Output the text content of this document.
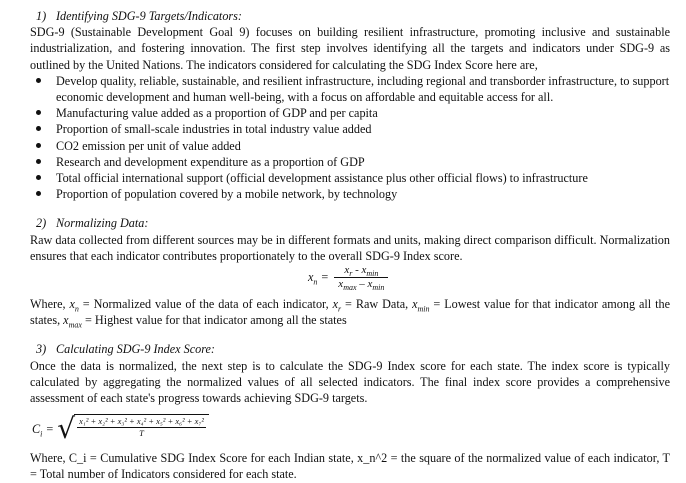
1) Identifying SDG-9 Targets/Indicators:

SDG-9 (Sustainable Development Goal 9) focuses on building resilient infrastructure, promoting inclusive and sustainable industrialization, and fostering innovation. The first step involves identifying all the targets and indicators under SDG-9 as outlined by the United Nations. The indicators considered for calculating the SDG Index Score here are,

Develop quality, reliable, sustainable, and resilient infrastructure, including regional and transborder infrastructure, to support economic development and human well-being, with a focus on affordable and equitable access for all.
Manufacturing value added as a proportion of GDP and per capita
Proportion of small-scale industries in total industry value added
CO2 emission per unit of value added
Research and development expenditure as a proportion of GDP
Total official international support (official development assistance plus other official flows) to infrastructure
Proportion of population covered by a mobile network, by technology

2) Normalizing Data:

Raw data collected from different sources may be in different formats and units, making direct comparison difficult. Normalization ensures that each indicator contributes proportionately to the overall SDG-9 Index score.

$x_n$ =
$x_r - x_{min}$
$x_{max} - x_{min}$

Where, $x_n$ = Normalized value of the data of each indicator, $x_r$ = Raw Data, $x_{min}$ = Lowest value for that indicator among all the states, $x_{max}$ = Highest value for that indicator among all the states

3) Calculating SDG-9 Index Score:

Once the data is normalized, the next step is to calculate the SDG-9 Index score for each state. The index score is typically calculated by aggregating the normalized values of all selected indicators. The final index score provides a comprehensive assessment of each state's progress towards achieving SDG-9 targets.

$C_i$ = √ $\frac{\text{x₁² + x₂² + x₃² + x₄² + x₅² + x₆² + x₇²}}{T}$

Where, C_i = Cumulative SDG Index Score for each Indian state, x_n^2 = the square of the normalized value of each indicator, T = Total number of Indicators considered for each state.
